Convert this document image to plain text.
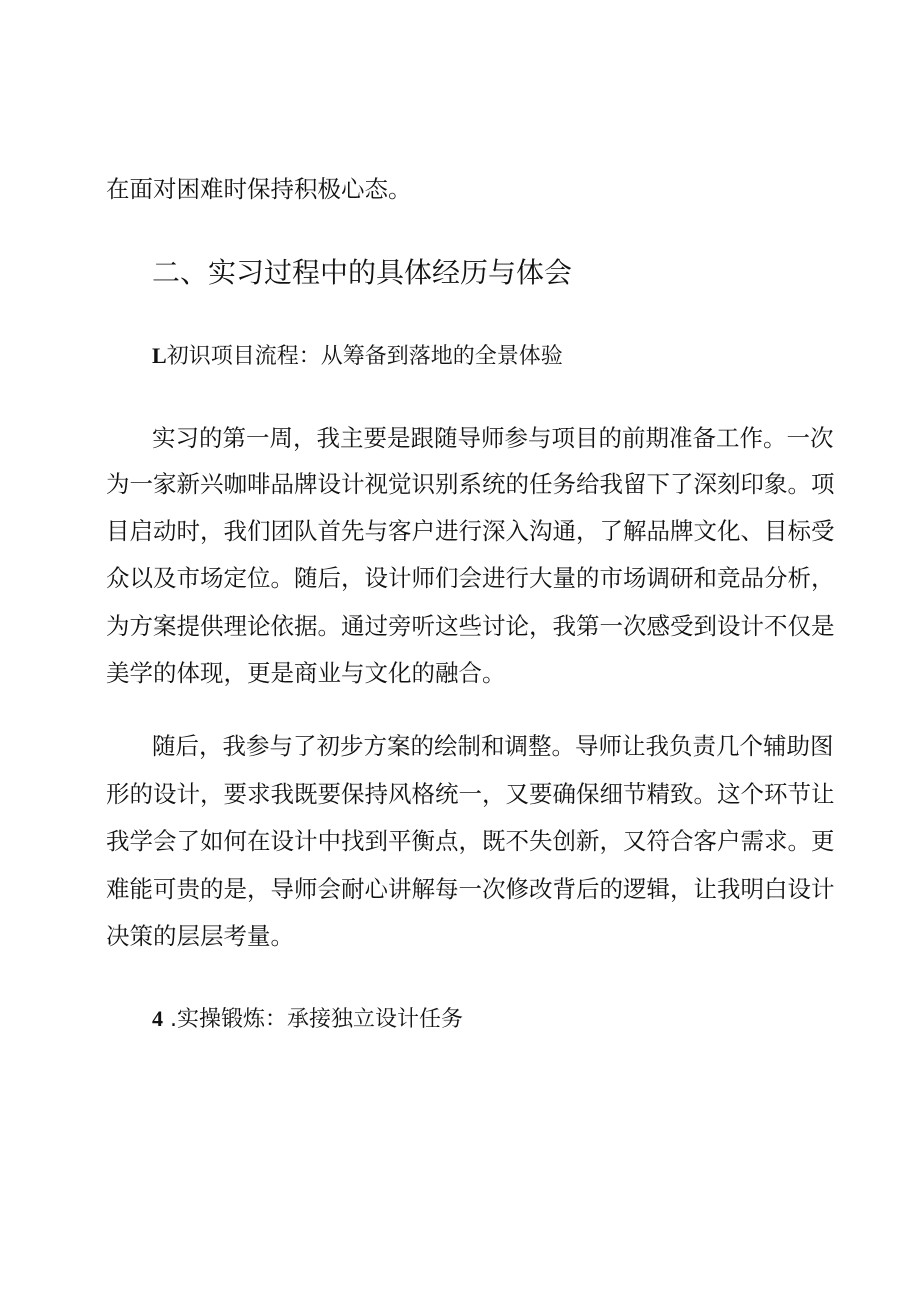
在面对困难时保持积极心态。
二、实习过程中的具体经历与体会
L初识项目流程：从筹备到落地的全景体验
实习的第一周，我主要是跟随导师参与项目的前期准备工作。一次
为一家新兴咖啡品牌设计视觉识别系统的任务给我留下了深刻印象。项
目启动时，我们团队首先与客户进行深入沟通，了解品牌文化、目标受
众以及市场定位。随后，设计师们会进行大量的市场调研和竞品分析，
为方案提供理论依据。通过旁听这些讨论，我第一次感受到设计不仅是
美学的体现，更是商业与文化的融合。
随后，我参与了初步方案的绘制和调整。导师让我负责几个辅助图
形的设计，要求我既要保持风格统一，又要确保细节精致。这个环节让
我学会了如何在设计中找到平衡点，既不失创新，又符合客户需求。更
难能可贵的是，导师会耐心讲解每一次修改背后的逻辑，让我明白设计
决策的层层考量。
4 .实操锻炼：承接独立设计任务
